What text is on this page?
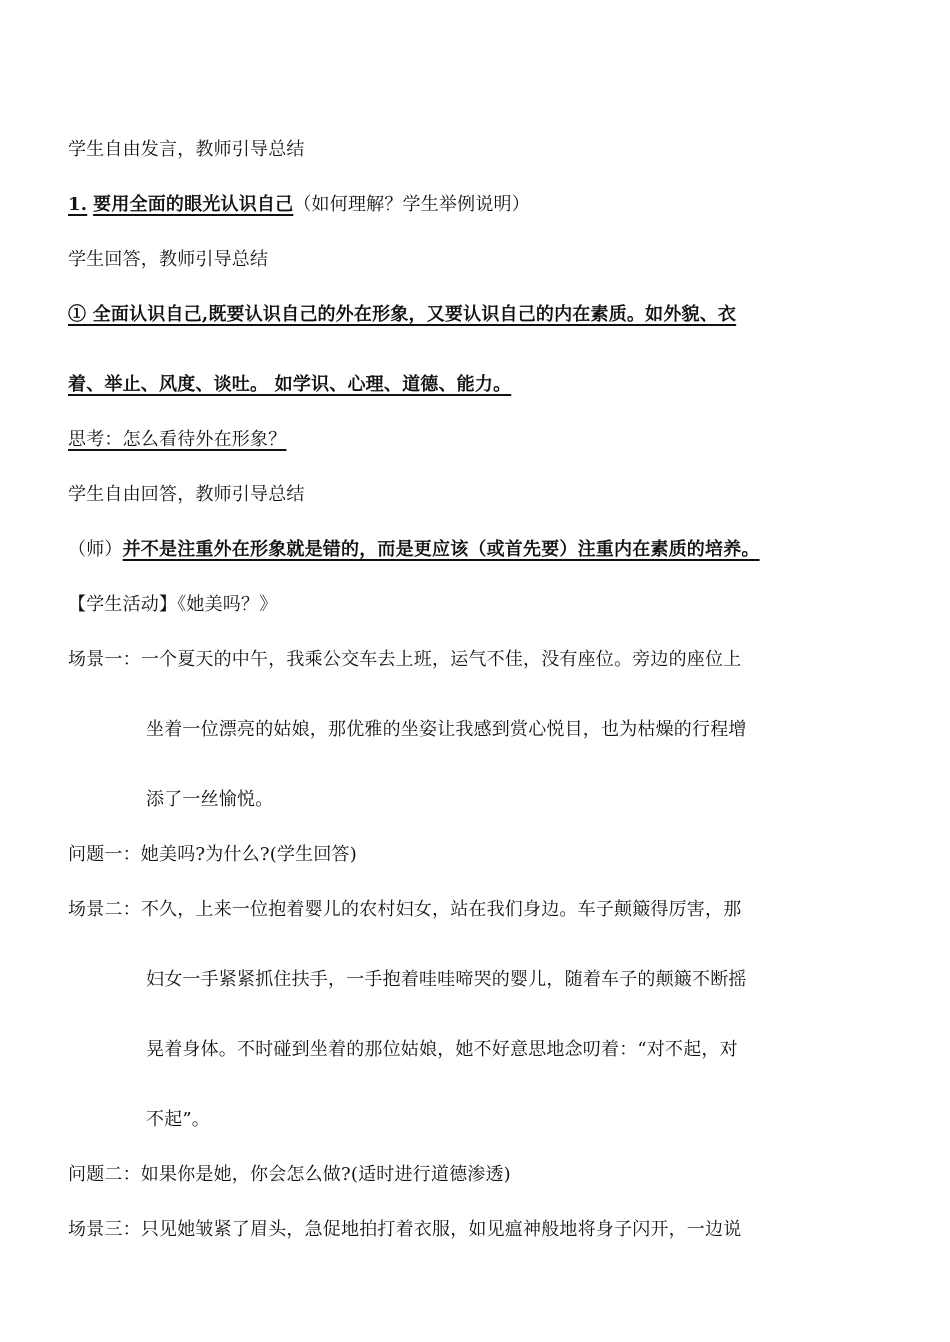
学生自由发言，教师引导总结
1. 要用全面的眼光认识自己（如何理解？学生举例说明）
学生回答，教师引导总结
① 全面认识自己,既要认识自己的外在形象，又要认识自己的内在素质。如外貌、衣
着、举止、风度、谈吐。 如学识、心理、道德、能力。
思考：怎么看待外在形象？
学生自由回答，教师引导总结
（师）并不是注重外在形象就是错的，而是更应该（或首先要）注重内在素质的培养。
【学生活动】《她美吗？》
场景一：一个夏天的中午，我乘公交车去上班，运气不佳，没有座位。旁边的座位上
坐着一位漂亮的姑娘，那优雅的坐姿让我感到赏心悦目，也为枯燥的行程增
添了一丝愉悦。
问题一：她美吗?为什么?(学生回答)
场景二：不久，上来一位抱着婴儿的农村妇女，站在我们身边。车子颠簸得厉害，那
妇女一手紧紧抓住扶手，一手抱着哇哇啼哭的婴儿，随着车子的颠簸不断摇
晃着身体。不时碰到坐着的那位姑娘，她不好意思地念叨着：“对不起，对
不起”。
问题二：如果你是她，你会怎么做?(适时进行道德渗透)
场景三：只见她皱紧了眉头，急促地拍打着衣服，如见瘟神般地将身子闪开，一边说
